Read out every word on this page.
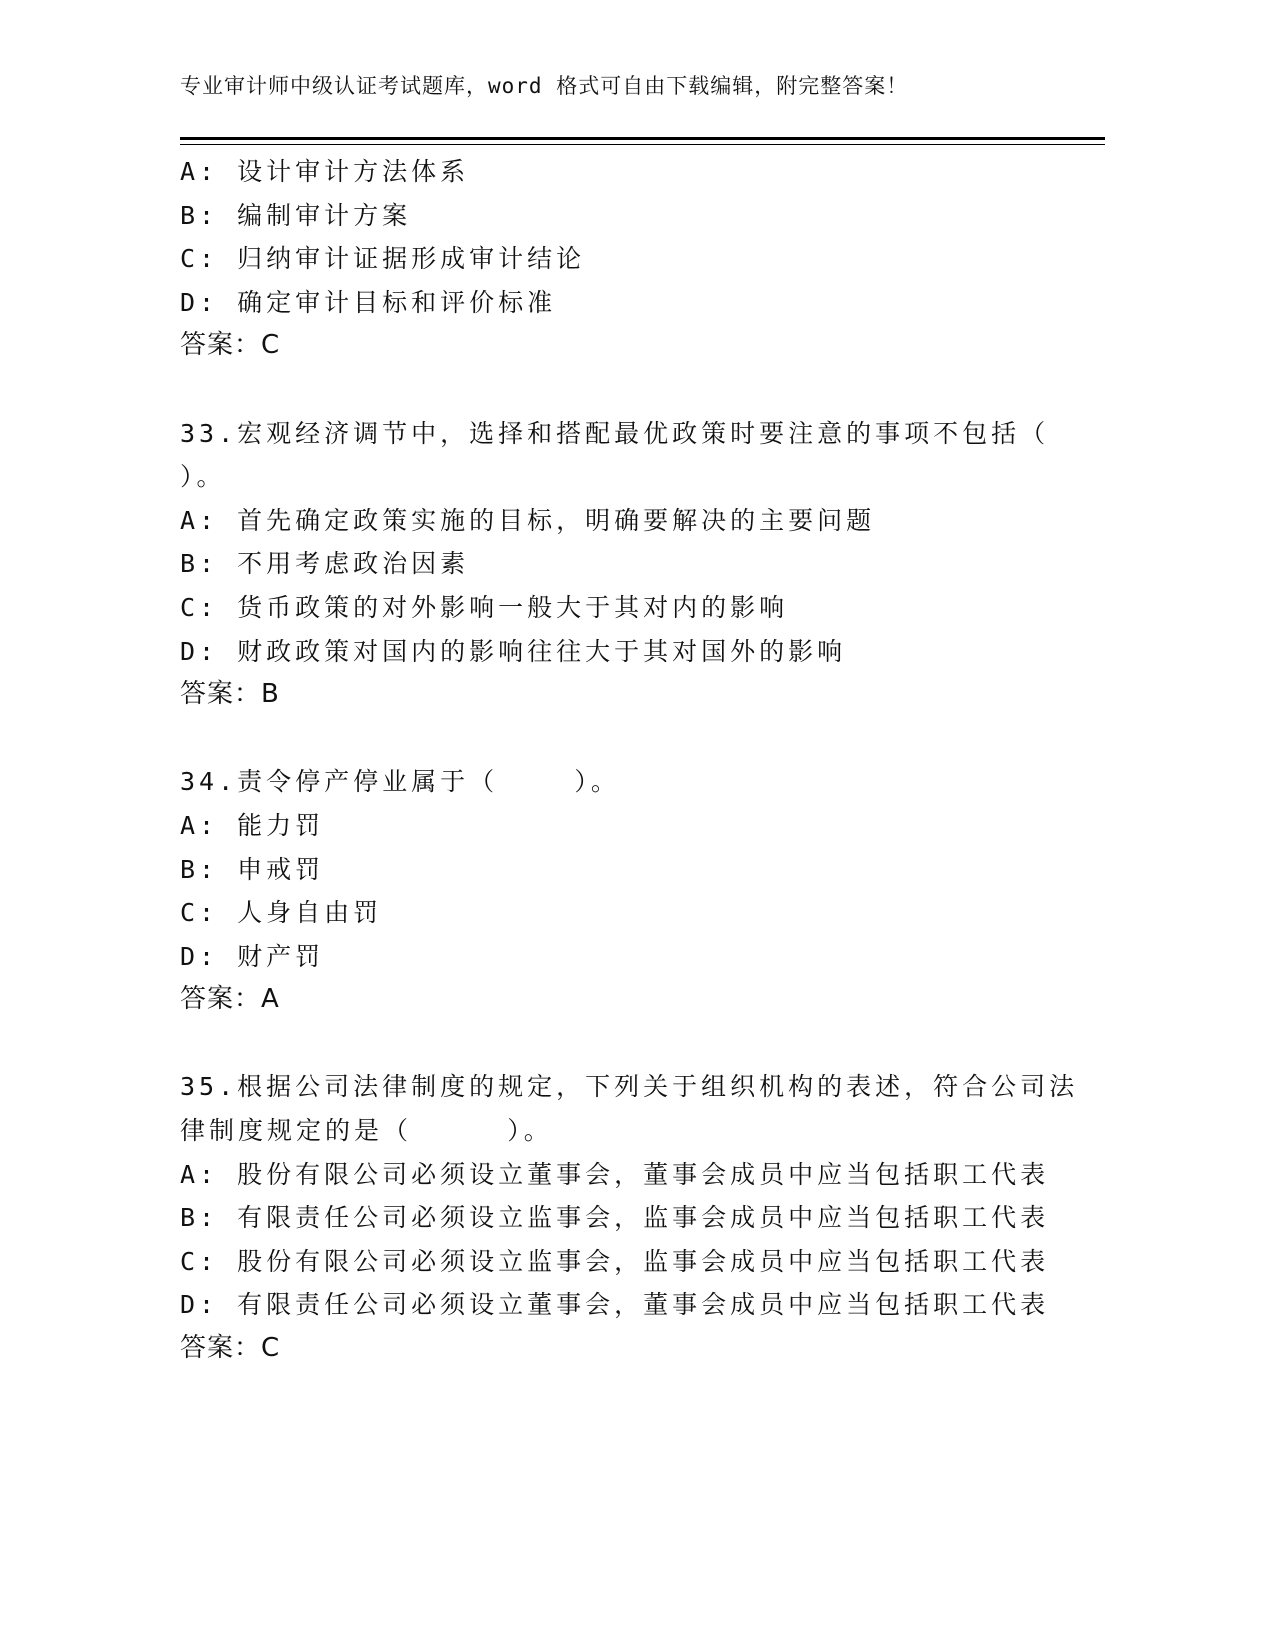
专业审计师中级认证考试题库，word 格式可自由下载编辑，附完整答案！
A: 设计审计方法体系
B: 编制审计方案
C: 归纳审计证据形成审计结论
D: 确定审计目标和评价标准
答案：C
33.宏观经济调节中，选择和搭配最优政策时要注意的事项不包括（
）。
A: 首先确定政策实施的目标，明确要解决的主要问题
B: 不用考虑政治因素
C: 货币政策的对外影响一般大于其对内的影响
D: 财政政策对国内的影响往往大于其对国外的影响
答案：B
34.责令停产停业属于（    ）。
A: 能力罚
B: 申戒罚
C: 人身自由罚
D: 财产罚
答案：A
35.根据公司法律制度的规定，下列关于组织机构的表述，符合公司法
律制度规定的是（     ）。
A: 股份有限公司必须设立董事会，董事会成员中应当包括职工代表
B: 有限责任公司必须设立监事会，监事会成员中应当包括职工代表
C: 股份有限公司必须设立监事会，监事会成员中应当包括职工代表
D: 有限责任公司必须设立董事会，董事会成员中应当包括职工代表
答案：C
